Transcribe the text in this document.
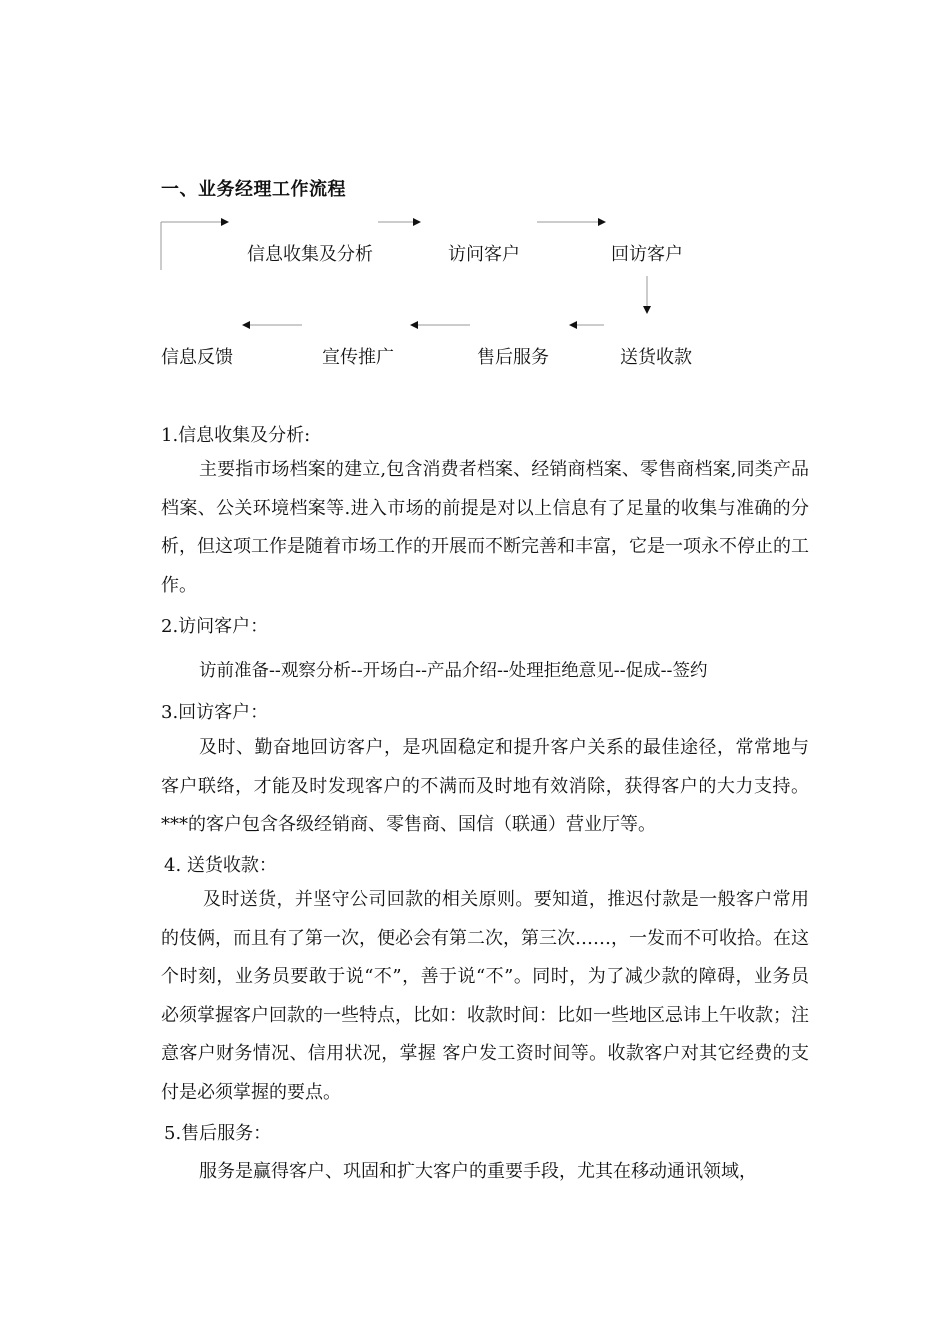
一、业务经理工作流程
信息收集及分析	访问客户	回访客户
信息反馈	宣传推广	售后服务	送货收款
1.信息收集及分析:
主要指市场档案的建立,包含消费者档案、经销商档案、零售商档案,同类产品档案、公关环境档案等.进入市场的前提是对以上信息有了足量的收集与准确的分析，但这项工作是随着市场工作的开展而不断完善和丰富，它是一项永不停止的工作。
2.访问客户：
访前准备--观察分析--开场白--产品介绍--处理拒绝意见--促成--签约
3.回访客户：
及时、勤奋地回访客户，是巩固稳定和提升客户关系的最佳途径，常常地与客户联络，才能及时发现客户的不满而及时地有效消除，获得客户的大力支持。***的客户包含各级经销商、零售商、国信（联通）营业厅等。
4. 送货收款：
及时送货，并坚守公司回款的相关原则。要知道，推迟付款是一般客户常用的伎俩，而且有了第一次，便必会有第二次，第三次……，一发而不可收拾。在这个时刻，业务员要敢于说“不”，善于说“不”。同时，为了减少款的障碍，业务员必须掌握客户回款的一些特点，比如：收款时间：比如一些地区忌讳上午收款；注意客户财务情况、信用状况，掌握 客户发工资时间等。收款客户对其它经费的支付是必须掌握的要点。
5.售后服务：
服务是赢得客户、巩固和扩大客户的重要手段，尤其在移动通讯领域，
